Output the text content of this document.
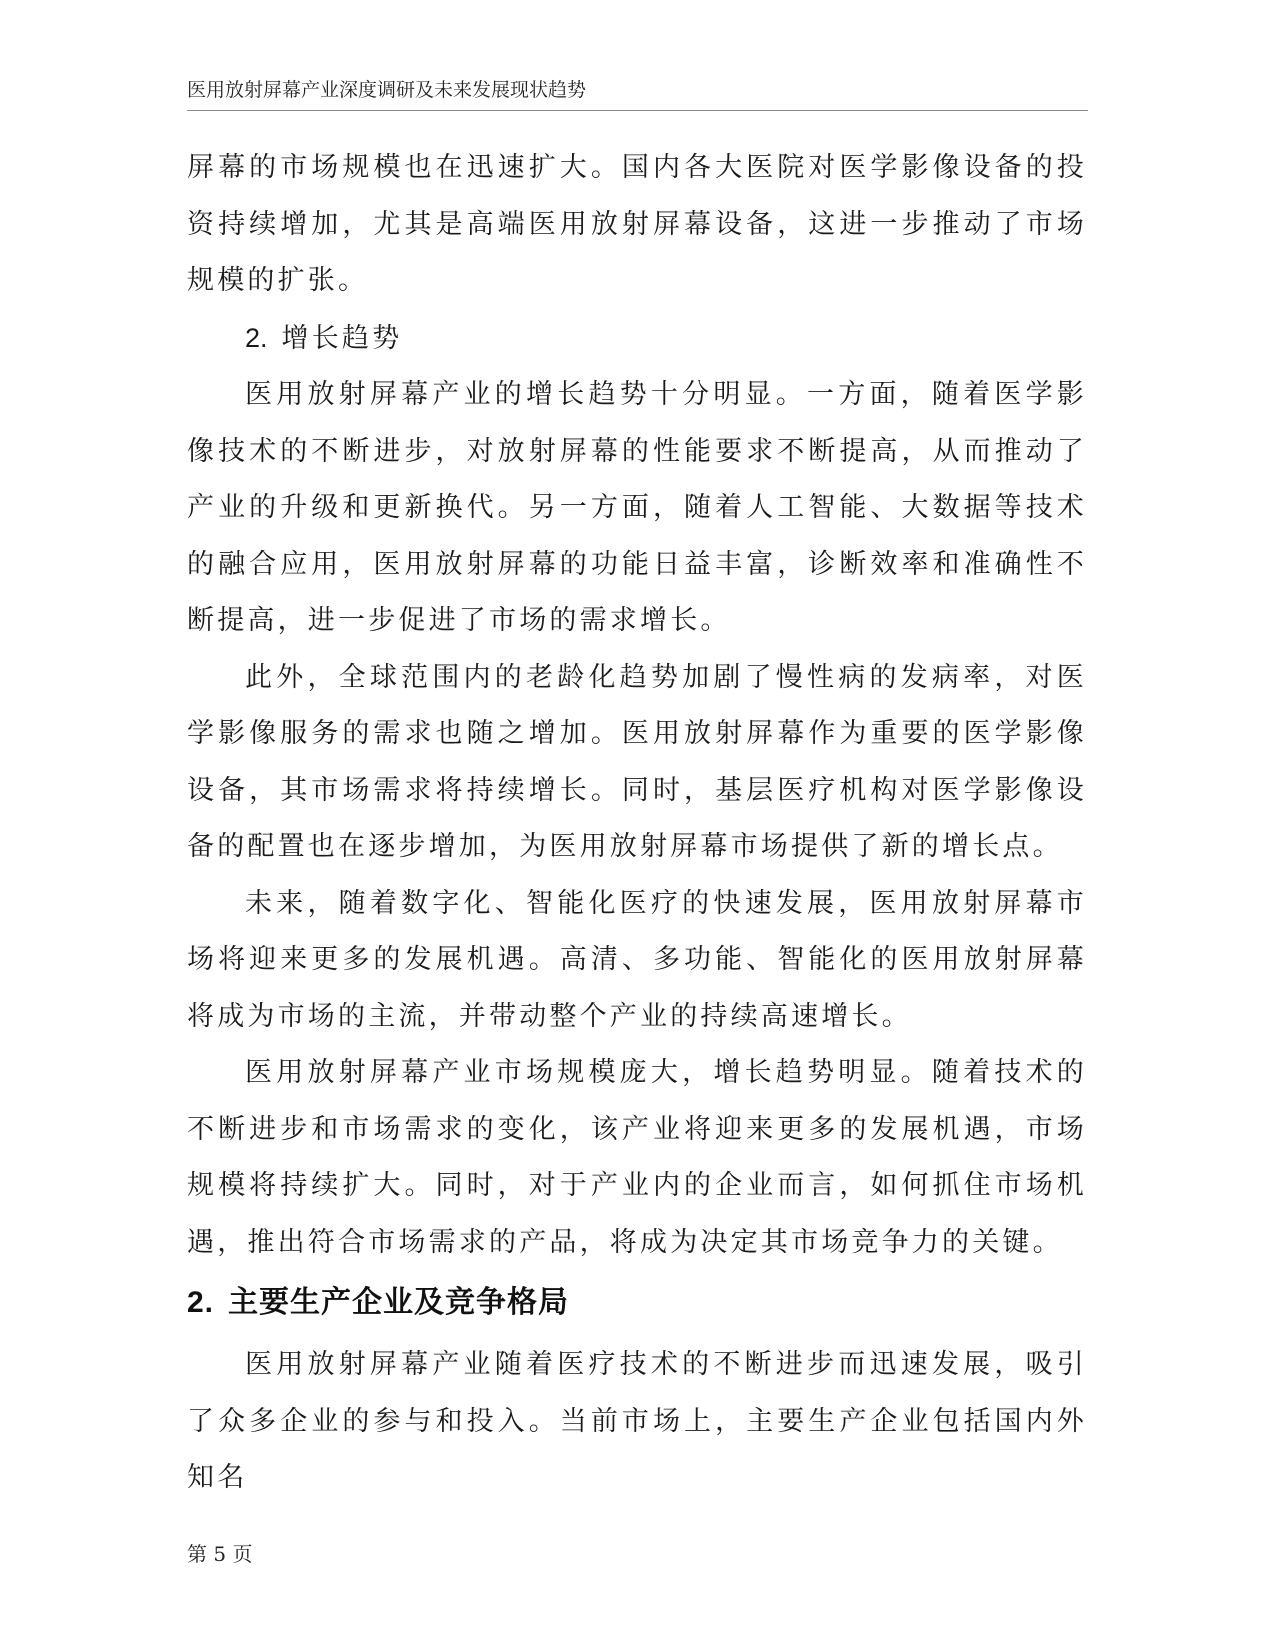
医用放射屏幕产业深度调研及未来发展现状趋势

屏幕的市场规模也在迅速扩大。国内各大医院对医学影像设备的投资持续增加，尤其是高端医用放射屏幕设备，这进一步推动了市场规模的扩张。

2. 增长趋势

医用放射屏幕产业的增长趋势十分明显。一方面，随着医学影像技术的不断进步，对放射屏幕的性能要求不断提高，从而推动了产业的升级和更新换代。另一方面，随着人工智能、大数据等技术的融合应用，医用放射屏幕的功能日益丰富，诊断效率和准确性不断提高，进一步促进了市场的需求增长。

此外，全球范围内的老龄化趋势加剧了慢性病的发病率，对医学影像服务的需求也随之增加。医用放射屏幕作为重要的医学影像设备，其市场需求将持续增长。同时，基层医疗机构对医学影像设备的配置也在逐步增加，为医用放射屏幕市场提供了新的增长点。

未来，随着数字化、智能化医疗的快速发展，医用放射屏幕市场将迎来更多的发展机遇。高清、多功能、智能化的医用放射屏幕将成为市场的主流，并带动整个产业的持续高速增长。

医用放射屏幕产业市场规模庞大，增长趋势明显。随着技术的不断进步和市场需求的变化，该产业将迎来更多的发展机遇，市场规模将持续扩大。同时，对于产业内的企业而言，如何抓住市场机遇，推出符合市场需求的产品，将成为决定其市场竞争力的关键。

2. 主要生产企业及竞争格局

医用放射屏幕产业随着医疗技术的不断进步而迅速发展，吸引了众多企业的参与和投入。当前市场上，主要生产企业包括国内外知名

第 5 页
